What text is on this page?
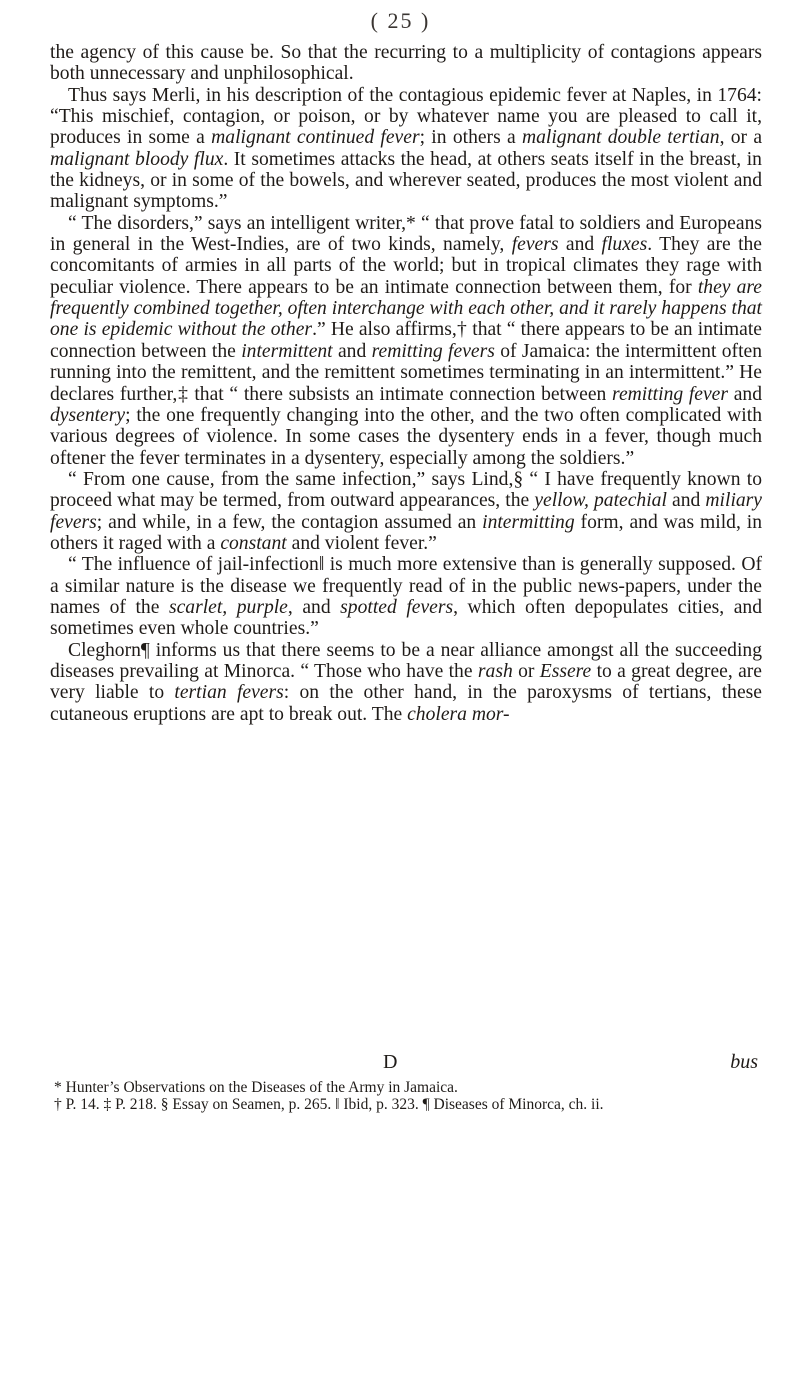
( 25 )

the agency of this cause be. So that the recurring to a multiplicity of contagions appears both unnecessary and unphilosophical.

Thus says Merli, in his description of the contagious epidemic fever at Naples, in 1764: “This mischief, contagion, or poison, or by whatever name you are pleased to call it, produces in some a malignant continued fever; in others a malignant double tertian, or a malignant bloody flux. It sometimes attacks the head, at others seats itself in the breast, in the kidneys, or in some of the bowels, and wherever seated, produces the most violent and malignant symptoms.”

“ The disorders,” says an intelligent writer,* “ that prove fatal to soldiers and Europeans in general in the West-Indies, are of two kinds, namely, fevers and fluxes. They are the concomitants of armies in all parts of the world; but in tropical climates they rage with peculiar violence. There appears to be an intimate connection between them, for they are frequently combined together, often interchange with each other, and it rarely happens that one is epidemic without the other.” He also affirms,† that “ there appears to be an intimate connection between the intermittent and remitting fevers of Jamaica: the intermittent often running into the remittent, and the remittent sometimes terminating in an intermittent.” He declares further,‡ that “ there subsists an intimate connection between remitting fever and dysentery; the one frequently changing into the other, and the two often complicated with various degrees of violence. In some cases the dysentery ends in a fever, though much oftener the fever terminates in a dysentery, especially among the soldiers.”

“ From one cause, from the same infection,” says Lind,§ “ I have frequently known to proceed what may be termed, from outward appearances, the yellow, patechial and miliary fevers; and while, in a few, the contagion assumed an intermitting form, and was mild, in others it raged with a constant and violent fever.”

“ The influence of jail-infection‖ is much more extensive than is generally supposed. Of a similar nature is the disease we frequently read of in the public news-papers, under the names of the scarlet, purple, and spotted fevers, which often depopulates cities, and sometimes even whole countries.”

Cleghorn¶ informs us that there seems to be a near alliance amongst all the succeeding diseases prevailing at Minorca. “ Those who have the rash or Essere to a great degree, are very liable to tertian fevers: on the other hand, in the paroxysms of tertians, these cutaneous eruptions are apt to break out. The cholera mor-

D	bus

* Hunter’s Observations on the Diseases of the Army in Jamaica.

† P. 14. ‡ P. 218. § Essay on Seamen, p. 265. ‖ Ibid, p. 323. ¶ Diseases of Minorca, ch. ii.
